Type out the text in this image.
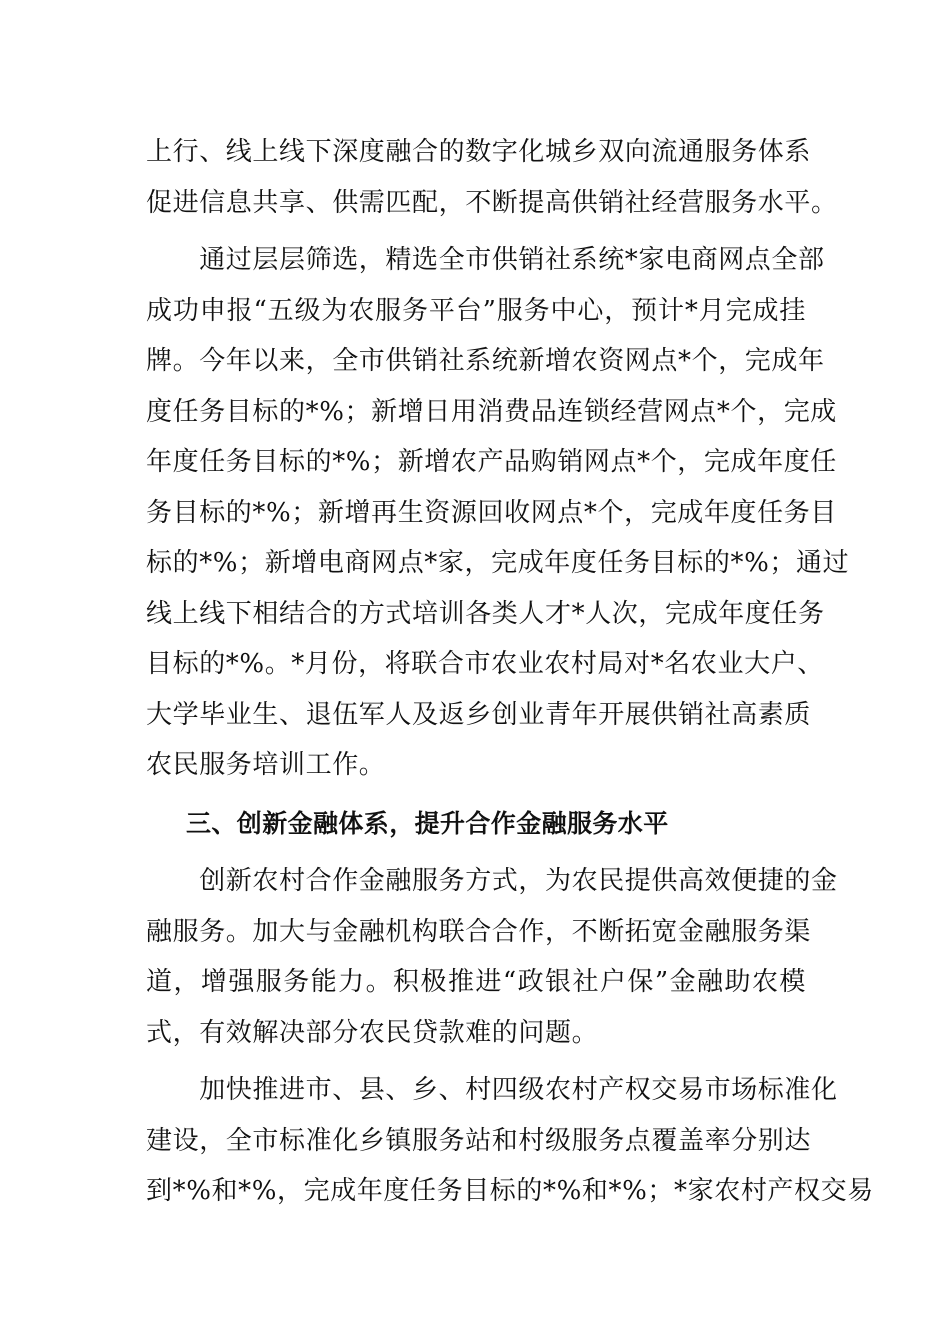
上行、线上线下深度融合的数字化城乡双向流通服务体系
促进信息共享、供需匹配，不断提高供销社经营服务水平。
　　通过层层筛选，精选全市供销社系统*家电商网点全部
成功申报“五级为农服务平台”服务中心，预计*月完成挂
牌。今年以来，全市供销社系统新增农资网点*个，完成年
度任务目标的*%；新增日用消费品连锁经营网点*个，完成
年度任务目标的*%；新增农产品购销网点*个，完成年度任
务目标的*%；新增再生资源回收网点*个，完成年度任务目
标的*%；新增电商网点*家，完成年度任务目标的*%；通过
线上线下相结合的方式培训各类人才*人次，完成年度任务
目标的*%。*月份，将联合市农业农村局对*名农业大户、
大学毕业生、退伍军人及返乡创业青年开展供销社高素质
农民服务培训工作。
三、创新金融体系，提升合作金融服务水平
　　创新农村合作金融服务方式，为农民提供高效便捷的金
融服务。加大与金融机构联合合作，不断拓宽金融服务渠
道，增强服务能力。积极推进“政银社户保”金融助农模
式，有效解决部分农民贷款难的问题。
　　加快推进市、县、乡、村四级农村产权交易市场标准化
建设，全市标准化乡镇服务站和村级服务点覆盖率分别达
到*%和*%，完成年度任务目标的*%和*%；*家农村产权交易
